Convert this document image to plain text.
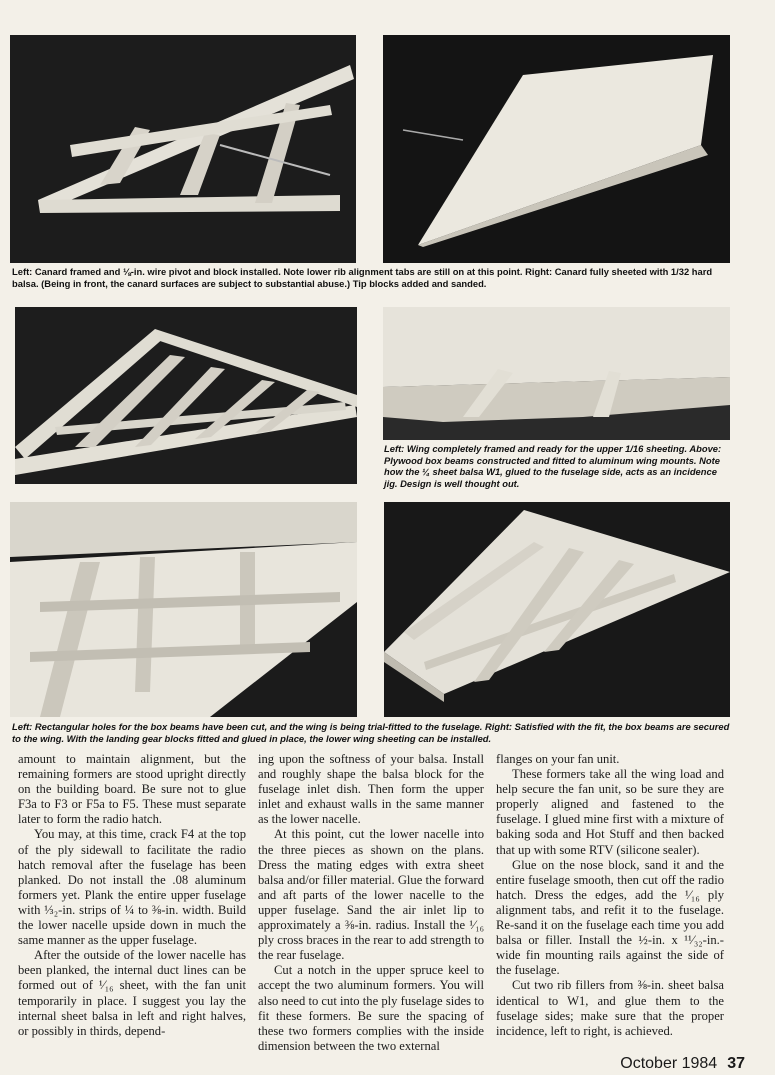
Left: Canard framed and ⅛-in. wire pivot and block installed. Note lower rib alignment tabs are still on at this point. Right: Canard fully sheeted with 1/32 hard balsa. (Being in front, the canard surfaces are subject to substantial abuse.) Tip blocks added and sanded.

Left: Wing completely framed and ready for the upper 1/16 sheeting. Above: Plywood box beams constructed and fitted to aluminum wing mounts. Note how the ¼ sheet balsa W1, glued to the fuselage side, acts as an incidence jig. Design is well thought out.

Left: Rectangular holes for the box beams have been cut, and the wing is being trial-fitted to the fuselage. Right: Satisfied with the fit, the box beams are secured to the wing. With the landing gear blocks fitted and glued in place, the lower wing sheeting can be installed.

amount to maintain alignment, but the remaining formers are stood upright directly on the building board. Be sure not to glue F3a to F3 or F5a to F5. These must separate later to form the radio hatch.

You may, at this time, crack F4 at the top of the ply sidewall to facilitate the radio hatch removal after the fuselage has been planked. Do not install the .08 aluminum formers yet. Plank the entire upper fuselage with ⅓₂-in. strips of ¼ to ⅜-in. width. Build the lower nacelle upside down in much the same manner as the upper fuselage.

After the outside of the lower nacelle has been planked, the internal duct lines can be formed out of ¹⁄₁₆ sheet, with the fan unit temporarily in place. I suggest you lay the internal sheet balsa in left and right halves, or possibly in thirds, depend-

ing upon the softness of your balsa. Install and roughly shape the balsa block for the fuselage inlet dish. Then form the upper inlet and exhaust walls in the same manner as the lower nacelle.

At this point, cut the lower nacelle into the three pieces as shown on the plans. Dress the mating edges with extra sheet balsa and/or filler material. Glue the forward and aft parts of the lower nacelle to the upper fuselage. Sand the air inlet lip to approximately a ⅜-in. radius. Install the ¹⁄₁₆ ply cross braces in the rear to add strength to the rear fuselage.

Cut a notch in the upper spruce keel to accept the two aluminum formers. You will also need to cut into the ply fuselage sides to fit these formers. Be sure the spacing of these two formers complies with the inside dimension between the two external

flanges on your fan unit.

These formers take all the wing load and help secure the fan unit, so be sure they are properly aligned and fastened to the fuselage. I glued mine first with a mixture of baking soda and Hot Stuff and then backed that up with some RTV (silicone sealer).

Glue on the nose block, sand it and the entire fuselage smooth, then cut off the radio hatch. Dress the edges, add the ¹⁄₁₆ ply alignment tabs, and refit it to the fuselage. Re-sand it on the fuselage each time you add balsa or filler. Install the ½-in. x ¹¹⁄₃₂-in.-wide fin mounting rails against the side of the fuselage.

Cut two rib fillers from ⅜-in. sheet balsa identical to W1, and glue them to the fuselage sides; make sure that the proper incidence, left to right, is achieved.

October 1984 37
